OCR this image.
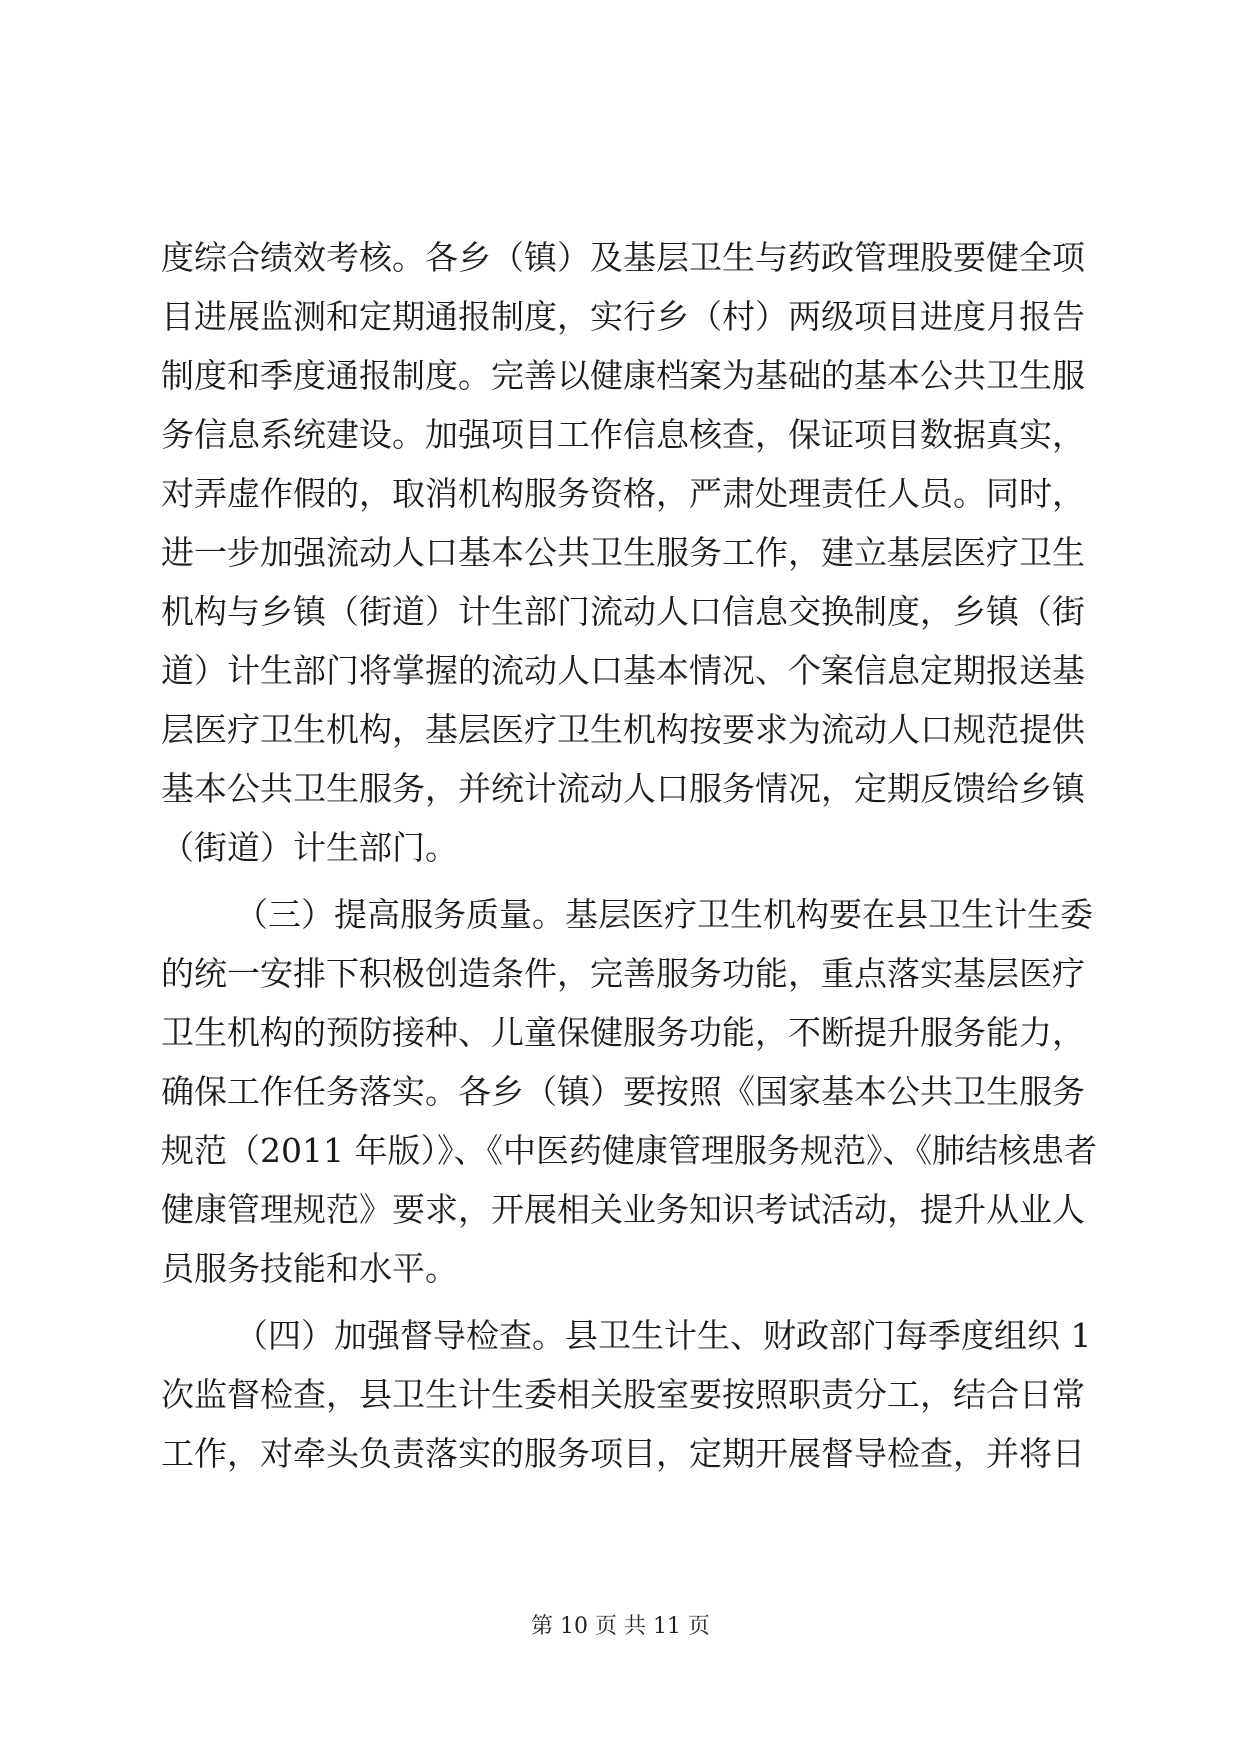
度综合绩效考核。各乡（镇）及基层卫生与药政管理股要健全项
目进展监测和定期通报制度，实行乡（村）两级项目进度月报告
制度和季度通报制度。完善以健康档案为基础的基本公共卫生服
务信息系统建设。加强项目工作信息核查，保证项目数据真实，
对弄虚作假的，取消机构服务资格，严肃处理责任人员。同时，
进一步加强流动人口基本公共卫生服务工作，建立基层医疗卫生
机构与乡镇（街道）计生部门流动人口信息交换制度，乡镇（街
道）计生部门将掌握的流动人口基本情况、个案信息定期报送基
层医疗卫生机构，基层医疗卫生机构按要求为流动人口规范提供
基本公共卫生服务，并统计流动人口服务情况，定期反馈给乡镇
（街道）计生部门。
（三）提高服务质量。基层医疗卫生机构要在县卫生计生委
的统一安排下积极创造条件，完善服务功能，重点落实基层医疗
卫生机构的预防接种、儿童保健服务功能，不断提升服务能力，
确保工作任务落实。各乡（镇）要按照《国家基本公共卫生服务
规范（2011 年版）》、《中医药健康管理服务规范》、《肺结核患者
健康管理规范》要求，开展相关业务知识考试活动，提升从业人
员服务技能和水平。
（四）加强督导检查。县卫生计生、财政部门每季度组织 1
次监督检查，县卫生计生委相关股室要按照职责分工，结合日常
工作，对牵头负责落实的服务项目，定期开展督导检查，并将日
第 10 页 共 11 页
